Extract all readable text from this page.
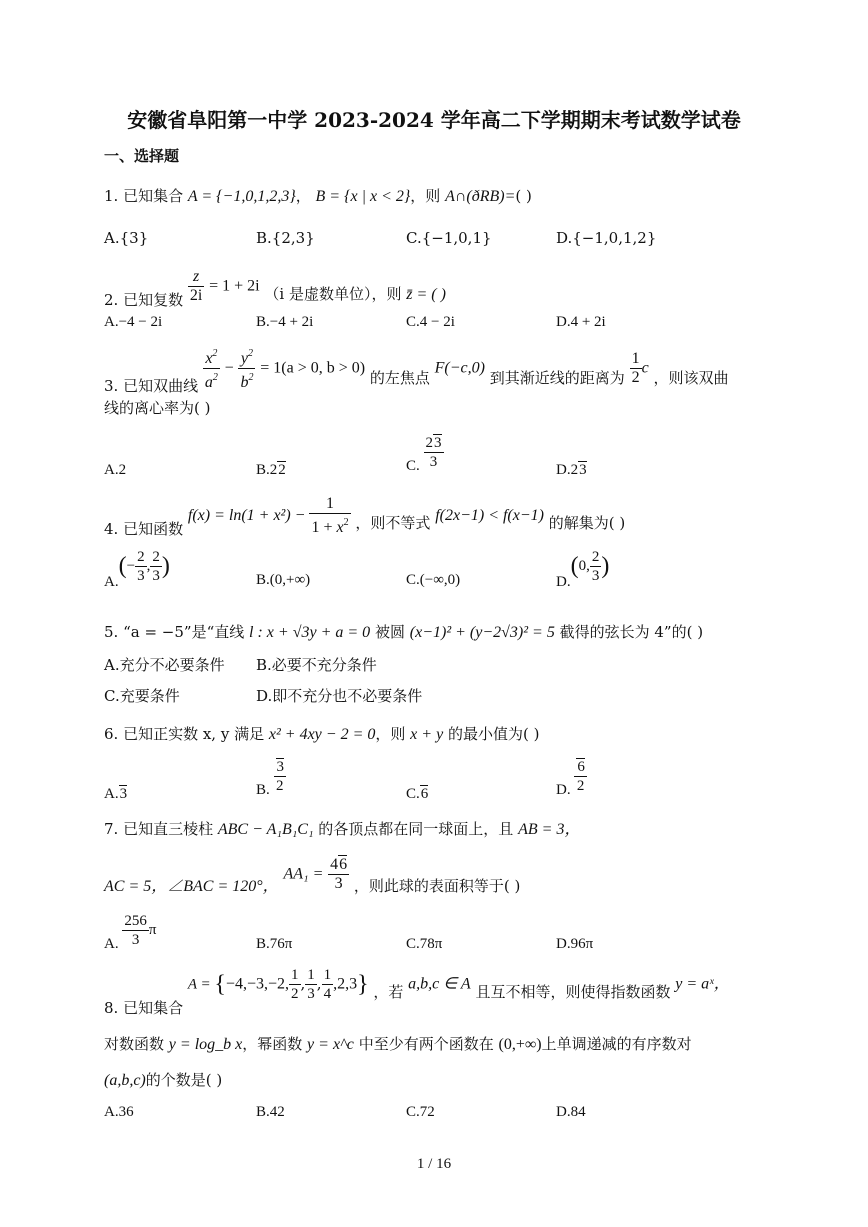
安徽省阜阳第一中学 2023-2024 学年高二下学期期末考试数学试卷
一、选择题
1. 已知集合 A = {−1,0,1,2,3}， B = {x | x < 2}，则 A∩(ðRB)=( )
A.{3}	B.{2,3}	C.{−1,0,1}	D.{−1,0,1,2}
2. 已知复数 $\frac{z}{2i} = 1 + 2i$ （i 是虚数单位），则 z̄ = ( )
A.−4 − 2i	B.−4 + 2i	C.4 − 2i	D.4 + 2i
3. 已知双曲线 $\frac{x^2}{a^2} - \frac{y^2}{b^2} = 1(a > 0$, b > 0) 的左焦点 F(−c,0) 到其渐近线的距离为 $\frac{1}{2}$ c ，则该双曲
线的离心率为( )
A.2	B.22	C. $\frac{23}{3}$	D.23
4. 已知函数 $f(x) = \ln(1 + x^2) - \frac{1}{1 + x^2}$ ，则不等式 f(2x−1) < f(x−1) 的解集为( )
$A.(- \frac{2}{3}$ , $\frac{2}{3}$ )
B.(0,+∞)	C.(−∞,0)	D.(0, $\frac{2}{3}$ )
5. “a = −5”是“直线 l : x + √3y + a = 0 被圆 (x−1)² + (y−2√3)² = 5 截得的弦长为 4”的( )
A.充分不必要条件 B.必要不充分条件
C.充要条件	D.即不充分也不必要条件
6. 已知正实数 x, y 满足 x² + 4xy − 2 = 0，则 x + y 的最小值为( )
A.3	B. $\frac{3}{2}$	C.6	D. $\frac{6}{2}$
7. 已知直三棱柱 ABC − A₁B₁C₁ 的各顶点都在同一球面上，且 AB = 3，
AC = 5，∠BAC = 120°， $AA_1 = \frac{46}{3}$ ，则此球的表面积等于( )
A. $\frac{256}{3}$ π
B.76π	C.78π	D.96π
8. 已知集合 A = {−4,−3,−2, $\frac{1}{2}$ , $\frac{1}{3}$ , $\frac{1}{4} ,2,3$} ，若 a,b,c ∈ A 且互不相等，则使得指数函数 y = aˣ，
对数函数 y = log_b x，幂函数 y = x^c 中至少有两个函数在 (0,+∞)上单调递减的有序数对
(a,b,c)的个数是( )
A.36	B.42	C.72	D.84
1 / 16
